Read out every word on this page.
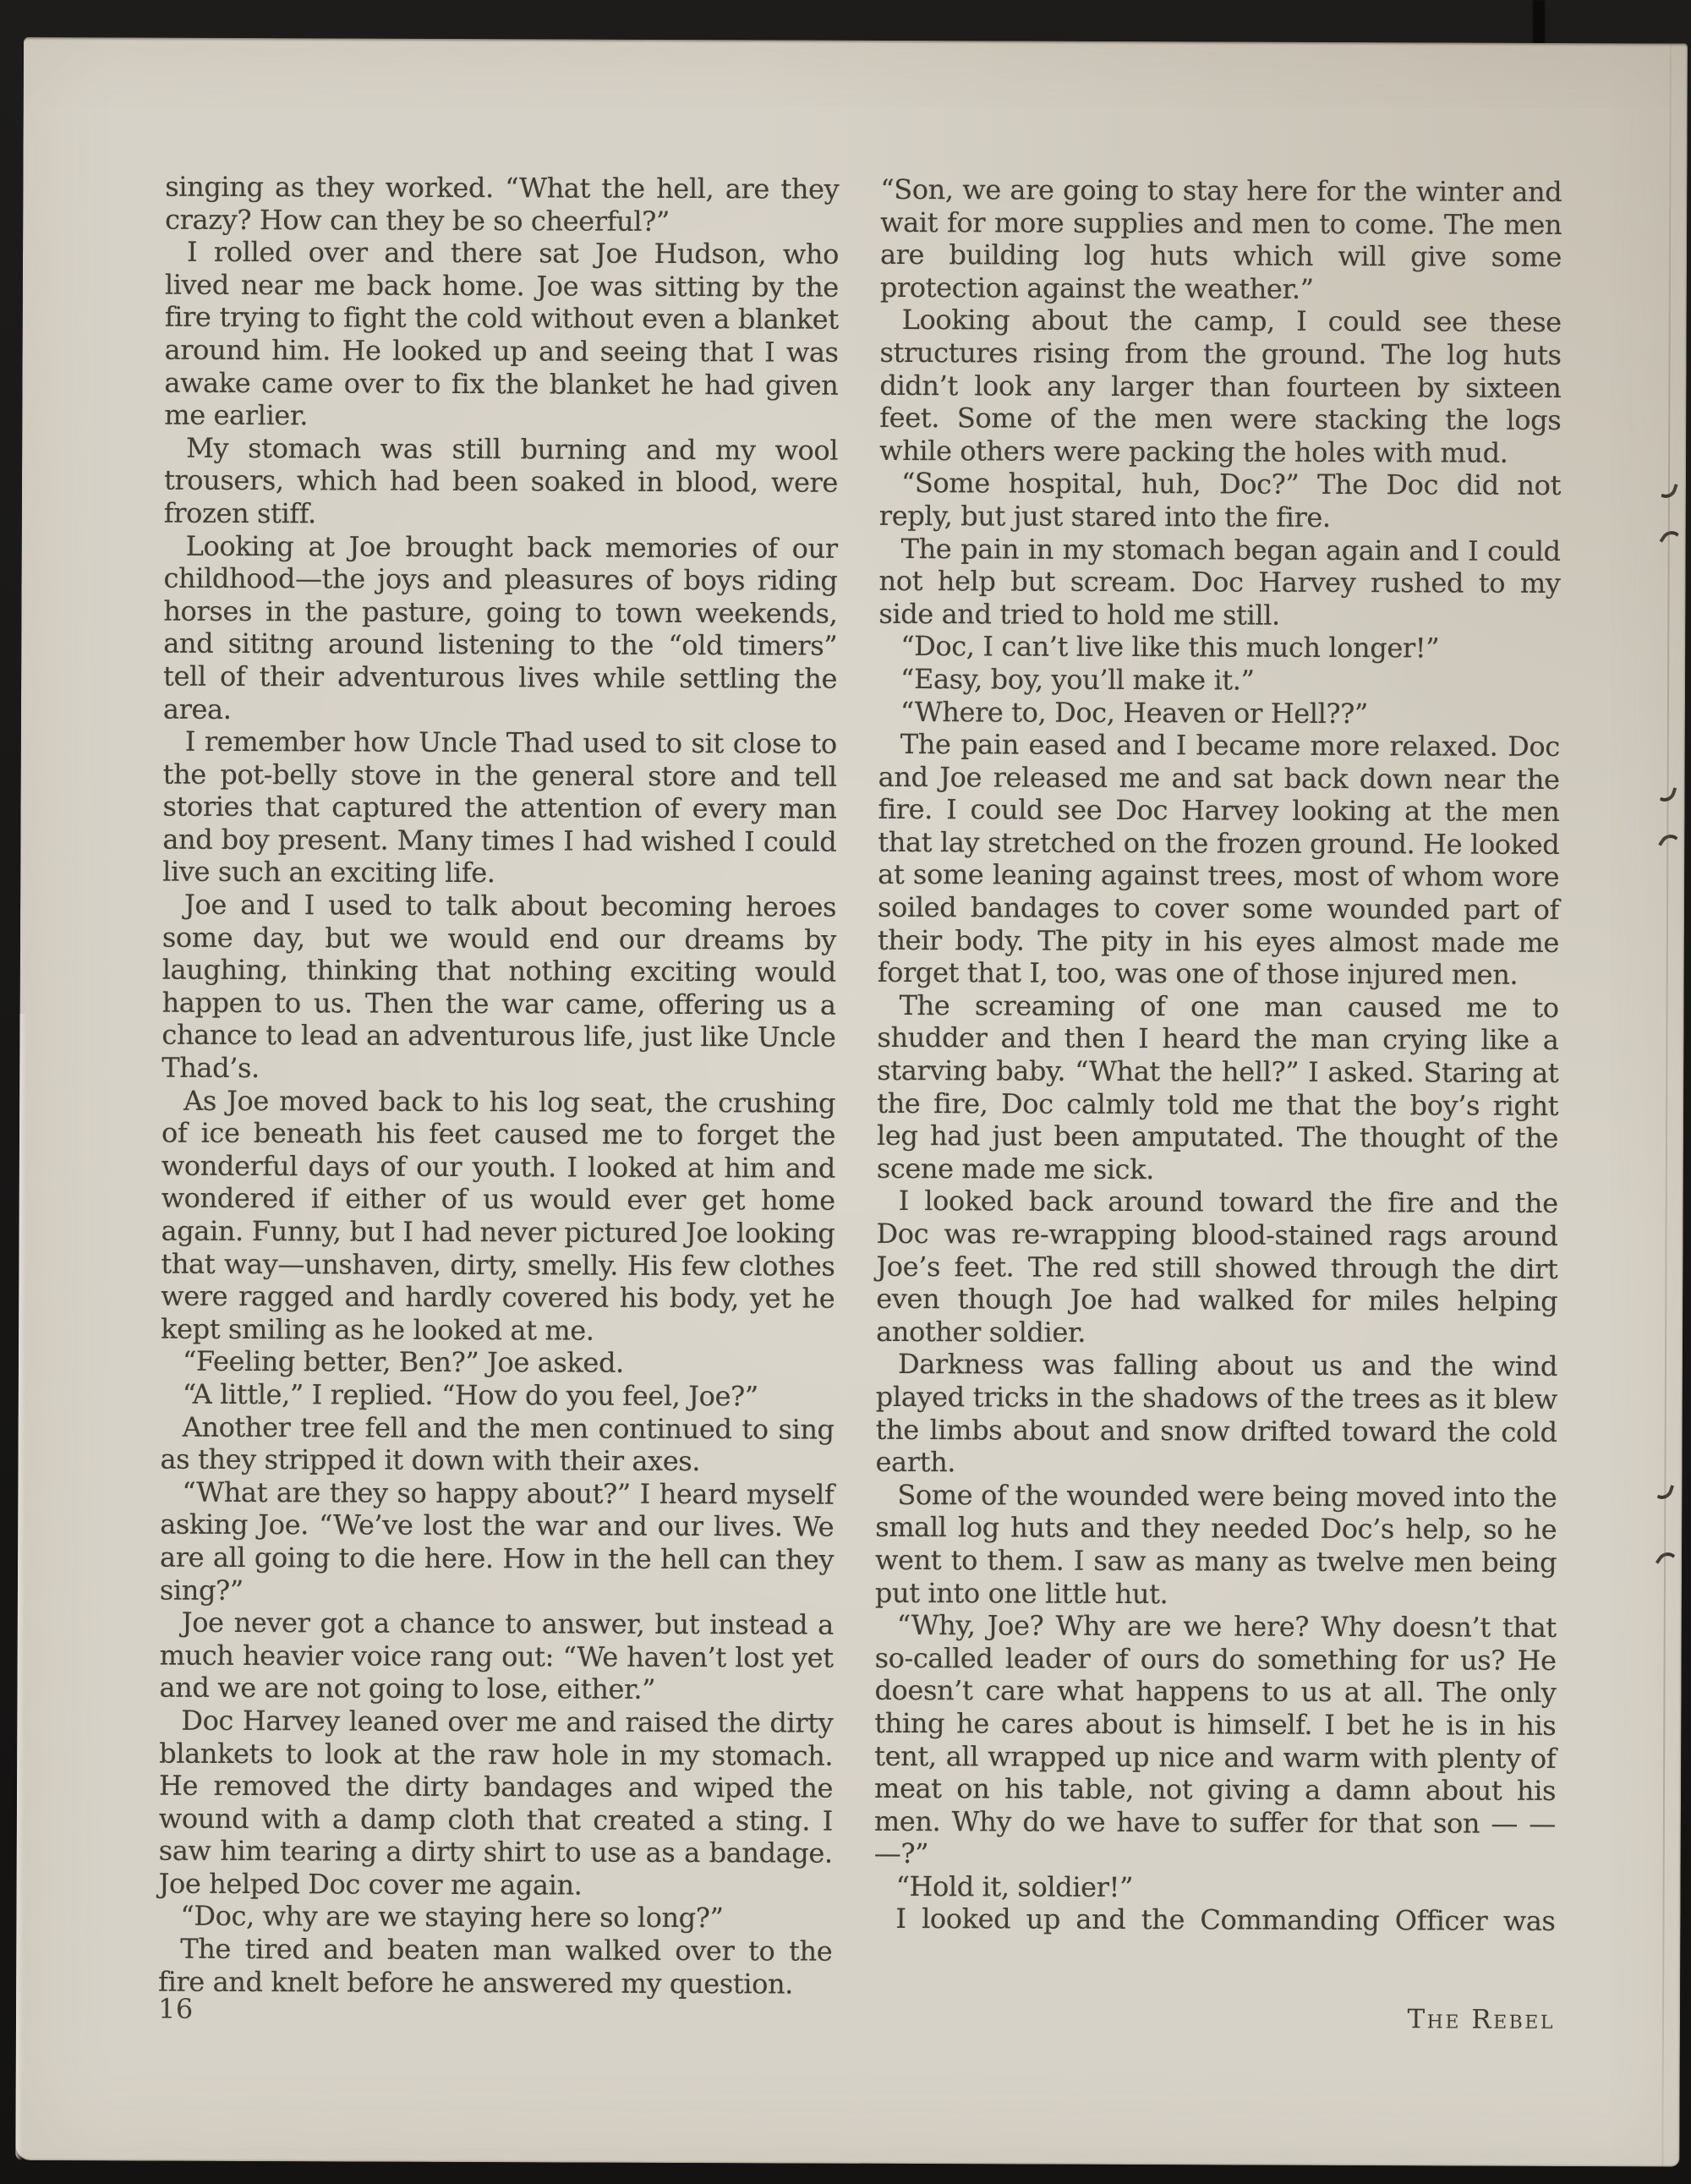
singing as they worked. “What the hell, are they crazy? How can they be so cheerful?”

I rolled over and there sat Joe Hudson, who lived near me back home. Joe was sitting by the fire trying to fight the cold without even a blanket around him. He looked up and seeing that I was awake came over to fix the blanket he had given me earlier.

My stomach was still burning and my wool trousers, which had been soaked in blood, were frozen stiff.

Looking at Joe brought back memories of our childhood—the joys and pleasures of boys riding horses in the pasture, going to town weekends, and sititng around listening to the “old timers” tell of their adventurous lives while settling the area.

I remember how Uncle Thad used to sit close to the pot-belly stove in the general store and tell stories that captured the attention of every man and boy present. Many times I had wished I could live such an exciting life.

Joe and I used to talk about becoming heroes some day, but we would end our dreams by laughing, thinking that nothing exciting would happen to us. Then the war came, offering us a chance to lead an adventurous life, just like Uncle Thad’s.

As Joe moved back to his log seat, the crushing of ice beneath his feet caused me to forget the wonderful days of our youth. I looked at him and wondered if either of us would ever get home again. Funny, but I had never pictured Joe looking that way—unshaven, dirty, smelly. His few clothes were ragged and hardly covered his body, yet he kept smiling as he looked at me.

“Feeling better, Ben?” Joe asked.

“A little,” I replied. “How do you feel, Joe?”

Another tree fell and the men continued to sing as they stripped it down with their axes.

“What are they so happy about?” I heard myself asking Joe. “We’ve lost the war and our lives. We are all going to die here. How in the hell can they sing?”

Joe never got a chance to answer, but instead a much heavier voice rang out: “We haven’t lost yet and we are not going to lose, either.”

Doc Harvey leaned over me and raised the dirty blankets to look at the raw hole in my stomach. He removed the dirty bandages and wiped the wound with a damp cloth that created a sting. I saw him tearing a dirty shirt to use as a bandage. Joe helped Doc cover me again.

“Doc, why are we staying here so long?”

The tired and beaten man walked over to the fire and knelt before he answered my question.

“Son, we are going to stay here for the winter and wait for more supplies and men to come. The men are building log huts which will give some protection against the weather.”

Looking about the camp, I could see these structures rising from the ground. The log huts didn’t look any larger than fourteen by sixteen feet. Some of the men were stacking the logs while others were packing the holes with mud.

“Some hospital, huh, Doc?” The Doc did not reply, but just stared into the fire.

The pain in my stomach began again and I could not help but scream. Doc Harvey rushed to my side and tried to hold me still.

“Doc, I can’t live like this much longer!”

“Easy, boy, you’ll make it.”

“Where to, Doc, Heaven or Hell??”

The pain eased and I became more relaxed. Doc and Joe released me and sat back down near the fire. I could see Doc Harvey looking at the men that lay stretched on the frozen ground. He looked at some leaning against trees, most of whom wore soiled bandages to cover some wounded part of their body. The pity in his eyes almost made me forget that I, too, was one of those injured men.

The screaming of one man caused me to shudder and then I heard the man crying like a starving baby. “What the hell?” I asked. Staring at the fire, Doc calmly told me that the boy’s right leg had just been amputated. The thought of the scene made me sick.

I looked back around toward the fire and the Doc was re-wrapping blood-stained rags around Joe’s feet. The red still showed through the dirt even though Joe had walked for miles helping another soldier.

Darkness was falling about us and the wind played tricks in the shadows of the trees as it blew the limbs about and snow drifted toward the cold earth.

Some of the wounded were being moved into the small log huts and they needed Doc’s help, so he went to them. I saw as many as twelve men being put into one little hut.

“Why, Joe? Why are we here? Why doesn’t that so-called leader of ours do something for us? He doesn’t care what happens to us at all. The only thing he cares about is himself. I bet he is in his tent, all wrapped up nice and warm with plenty of meat on his table, not giving a damn about his men. Why do we have to suffer for that son — — —?”

“Hold it, soldier!”

I looked up and the Commanding Officer was

16	The Rebel
